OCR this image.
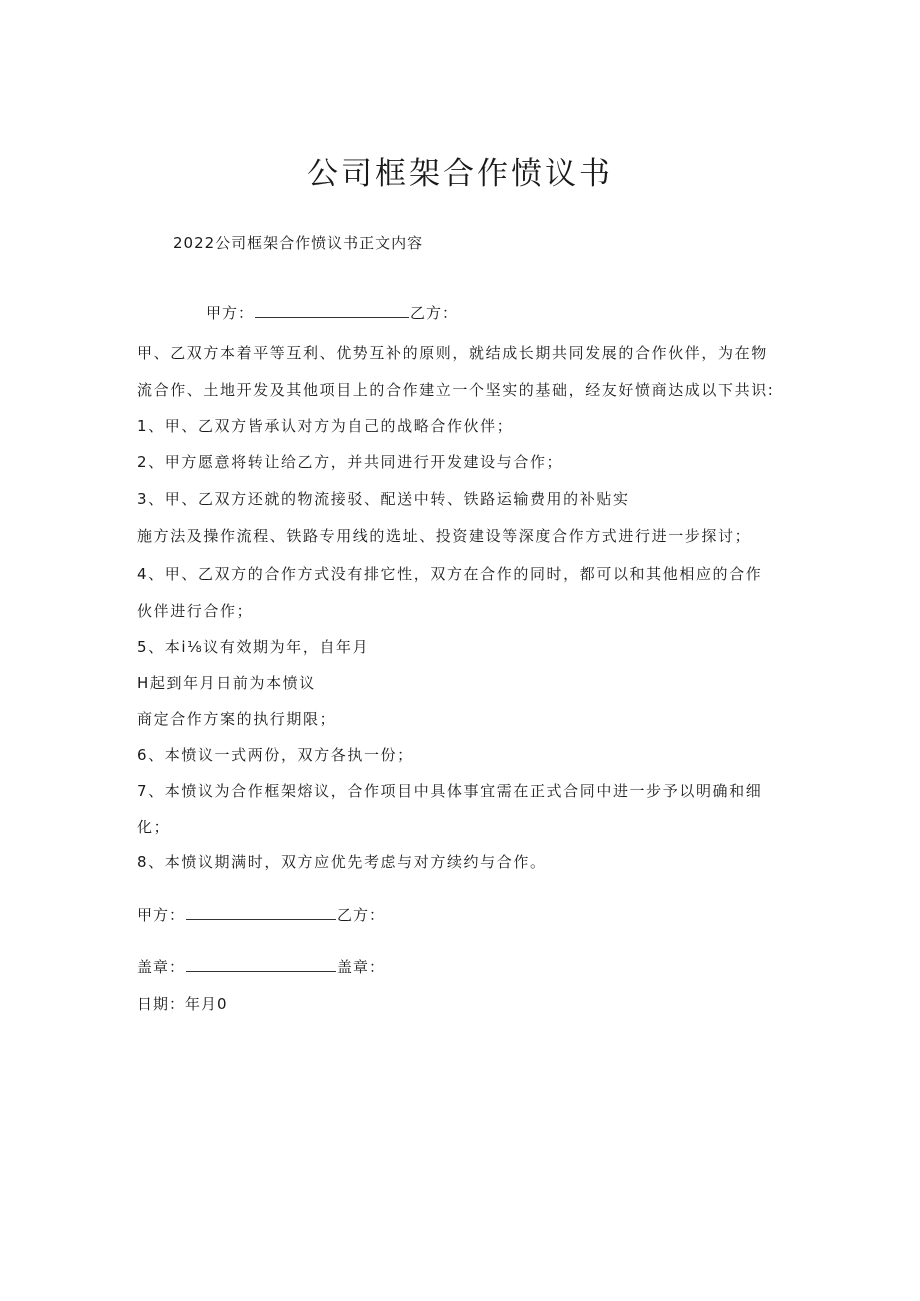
公司框架合作愤议书

2022公司框架合作愤议书正文内容

甲方：	乙方：

甲、乙双方本着平等互利、优势互补的原则，就结成长期共同发展的合作伙伴，为在物

流合作、土地开发及其他项目上的合作建立一个坚实的基础，经友好愤商达成以下共识:

1、甲、乙双方皆承认对方为自己的战略合作伙伴；

2、甲方愿意将转让给乙方，并共同进行开发建设与合作；

3、甲、乙双方还就的物流接驳、配送中转、铁路运输费用的补贴实

施方法及操作流程、铁路专用线的选址、投资建设等深度合作方式进行进一步探讨；

4、甲、乙双方的合作方式没有排它性，双方在合作的同时，都可以和其他相应的合作

伙伴进行合作；

5、本i⅛议有效期为年，自年月

H起到年月日前为本愤议

商定合作方案的执行期限；

6、本愤议一式两份，双方各执一份；

7、本愤议为合作框架熔议，合作项目中具体事宜需在正式合同中进一步予以明确和细

化；

8、本愤议期满时，双方应优先考虑与对方续约与合作。

甲方：	乙方：

盖章：	盖章：

日期：年月0
